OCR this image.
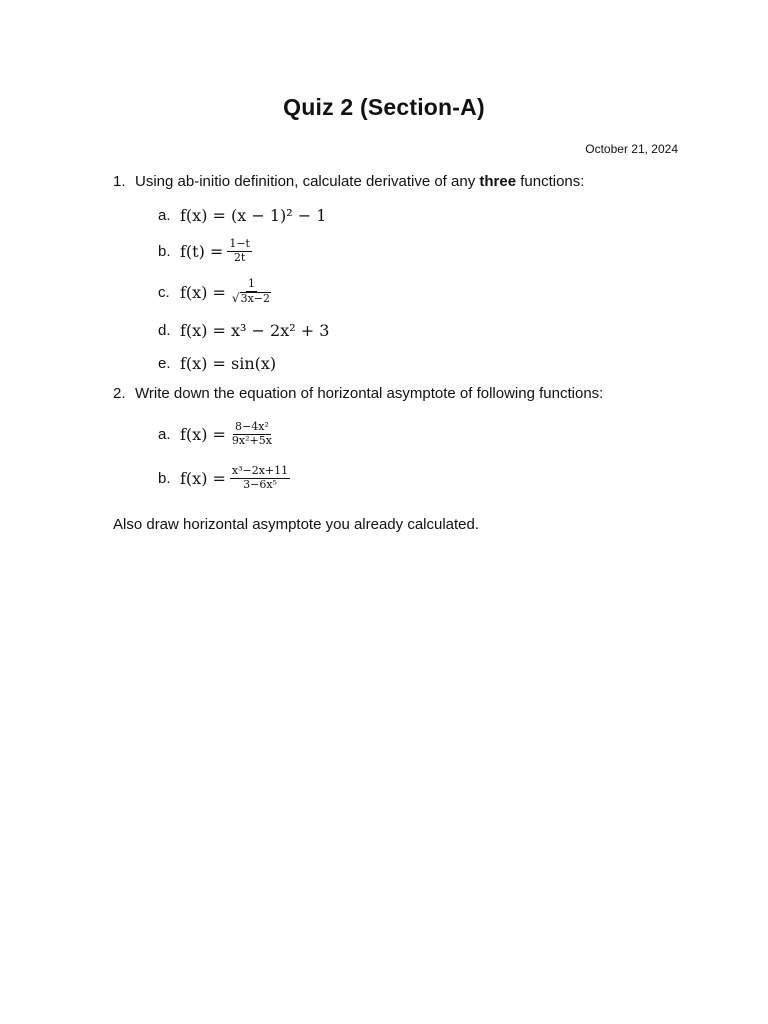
Quiz 2 (Section-A)
October 21, 2024
1. Using ab-initio definition, calculate derivative of any three functions:
a. f(x) = (x − 1)² − 1
b. $f(t) = \frac{1-t}{2t}$
c. $f(x) = \frac{1}{√ 3x-2}$
d. f(x) = x³ − 2x² + 3
e. f(x) = sin(x)
2. Write down the equation of horizontal asymptote of following functions:
a. $f(x) = \frac{\text{8−4x²}}{\text{9x²+5x}}$
b. $f(x) = \frac{\text{x³−2x+11}}{\text{3−6x⁵}}$
Also draw horizontal asymptote you already calculated.
